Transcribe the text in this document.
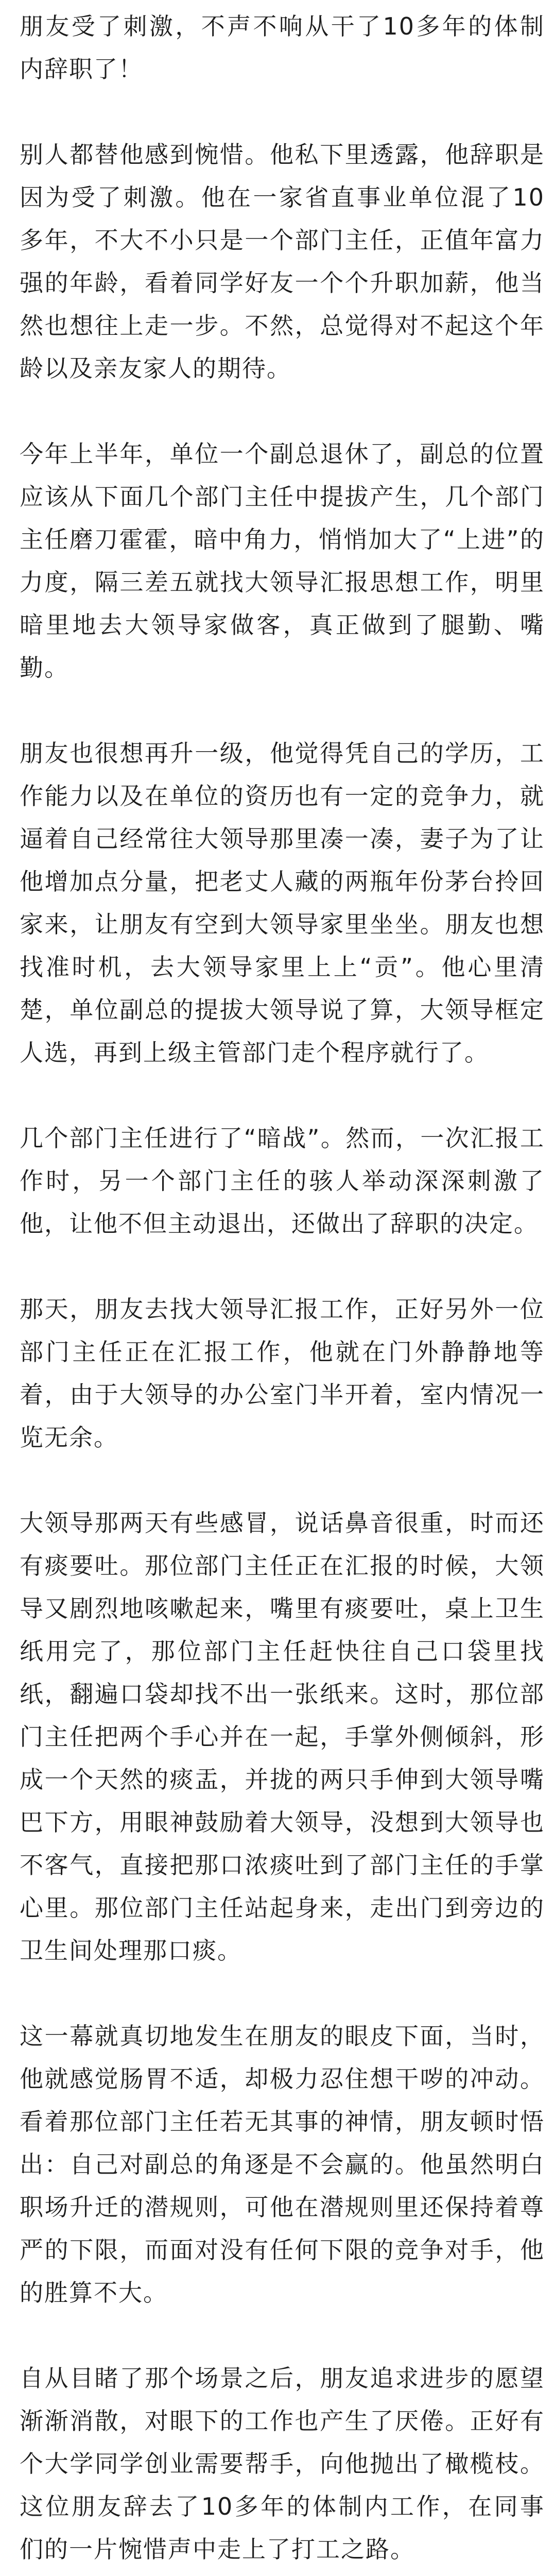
朋友受了刺激，不声不响从干了10多年的体制内辞职了！

别人都替他感到惋惜。他私下里透露，他辞职是因为受了刺激。他在一家省直事业单位混了10多年，不大不小只是一个部门主任，正值年富力强的年龄，看着同学好友一个个升职加薪，他当然也想往上走一步。不然，总觉得对不起这个年龄以及亲友家人的期待。

今年上半年，单位一个副总退休了，副总的位置应该从下面几个部门主任中提拔产生，几个部门主任磨刀霍霍，暗中角力，悄悄加大了“上进”的力度，隔三差五就找大领导汇报思想工作，明里暗里地去大领导家做客，真正做到了腿勤、嘴勤。

朋友也很想再升一级，他觉得凭自己的学历，工作能力以及在单位的资历也有一定的竞争力，就逼着自己经常往大领导那里凑一凑，妻子为了让他增加点分量，把老丈人藏的两瓶年份茅台拎回家来，让朋友有空到大领导家里坐坐。朋友也想找准时机，去大领导家里上上“贡”。他心里清楚，单位副总的提拔大领导说了算，大领导框定人选，再到上级主管部门走个程序就行了。

几个部门主任进行了“暗战”。然而，一次汇报工作时，另一个部门主任的骇人举动深深刺激了他，让他不但主动退出，还做出了辞职的决定。

那天，朋友去找大领导汇报工作，正好另外一位部门主任正在汇报工作，他就在门外静静地等着，由于大领导的办公室门半开着，室内情况一览无余。

大领导那两天有些感冒，说话鼻音很重，时而还有痰要吐。那位部门主任正在汇报的时候，大领导又剧烈地咳嗽起来，嘴里有痰要吐，桌上卫生纸用完了，那位部门主任赶快往自己口袋里找纸，翻遍口袋却找不出一张纸来。这时，那位部门主任把两个手心并在一起，手掌外侧倾斜，形成一个天然的痰盂，并拢的两只手伸到大领导嘴巴下方，用眼神鼓励着大领导，没想到大领导也不客气，直接把那口浓痰吐到了部门主任的手掌心里。那位部门主任站起身来，走出门到旁边的卫生间处理那口痰。

这一幕就真切地发生在朋友的眼皮下面，当时，他就感觉肠胃不适，却极力忍住想干哕的冲动。看着那位部门主任若无其事的神情，朋友顿时悟出：自己对副总的角逐是不会赢的。他虽然明白职场升迁的潜规则，可他在潜规则里还保持着尊严的下限，而面对没有任何下限的竞争对手，他的胜算不大。

自从目睹了那个场景之后，朋友追求进步的愿望渐渐消散，对眼下的工作也产生了厌倦。正好有个大学同学创业需要帮手，向他抛出了橄榄枝。这位朋友辞去了10多年的体制内工作，在同事们的一片惋惜声中走上了打工之路。
